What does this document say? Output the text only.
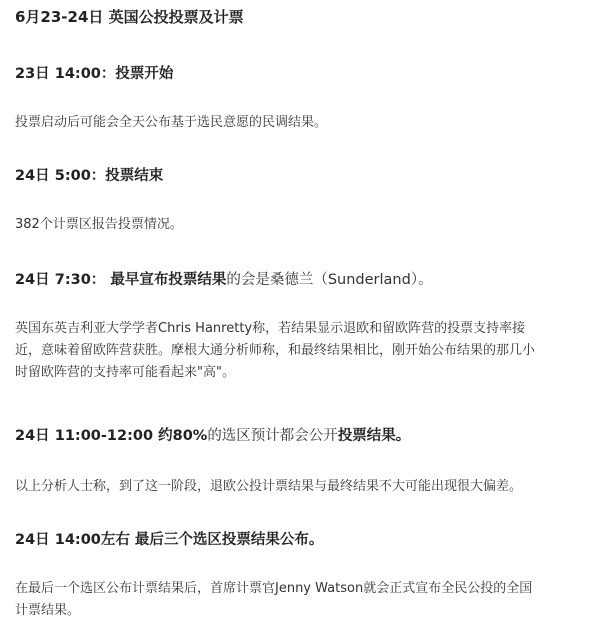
6月23-24日 英国公投投票及计票
23日 14:00：投票开始
投票启动后可能会全天公布基于选民意愿的民调结果。
24日 5:00：投票结束
382个计票区报告投票情况。
24日 7:30： 最早宣布投票结果的会是桑德兰（Sunderland）。
英国东英吉利亚大学学者Chris Hanretty称，若结果显示退欧和留欧阵营的投票支持率接
近，意味着留欧阵营获胜。摩根大通分析师称，和最终结果相比，刚开始公布结果的那几小
时留欧阵营的支持率可能看起来"高"。
24日 11:00-12:00 约80%的选区预计都会公开投票结果。
以上分析人士称，到了这一阶段，退欧公投计票结果与最终结果不大可能出现很大偏差。
24日 14:00左右 最后三个选区投票结果公布。
在最后一个选区公布计票结果后，首席计票官Jenny Watson就会正式宣布全民公投的全国
计票结果。
